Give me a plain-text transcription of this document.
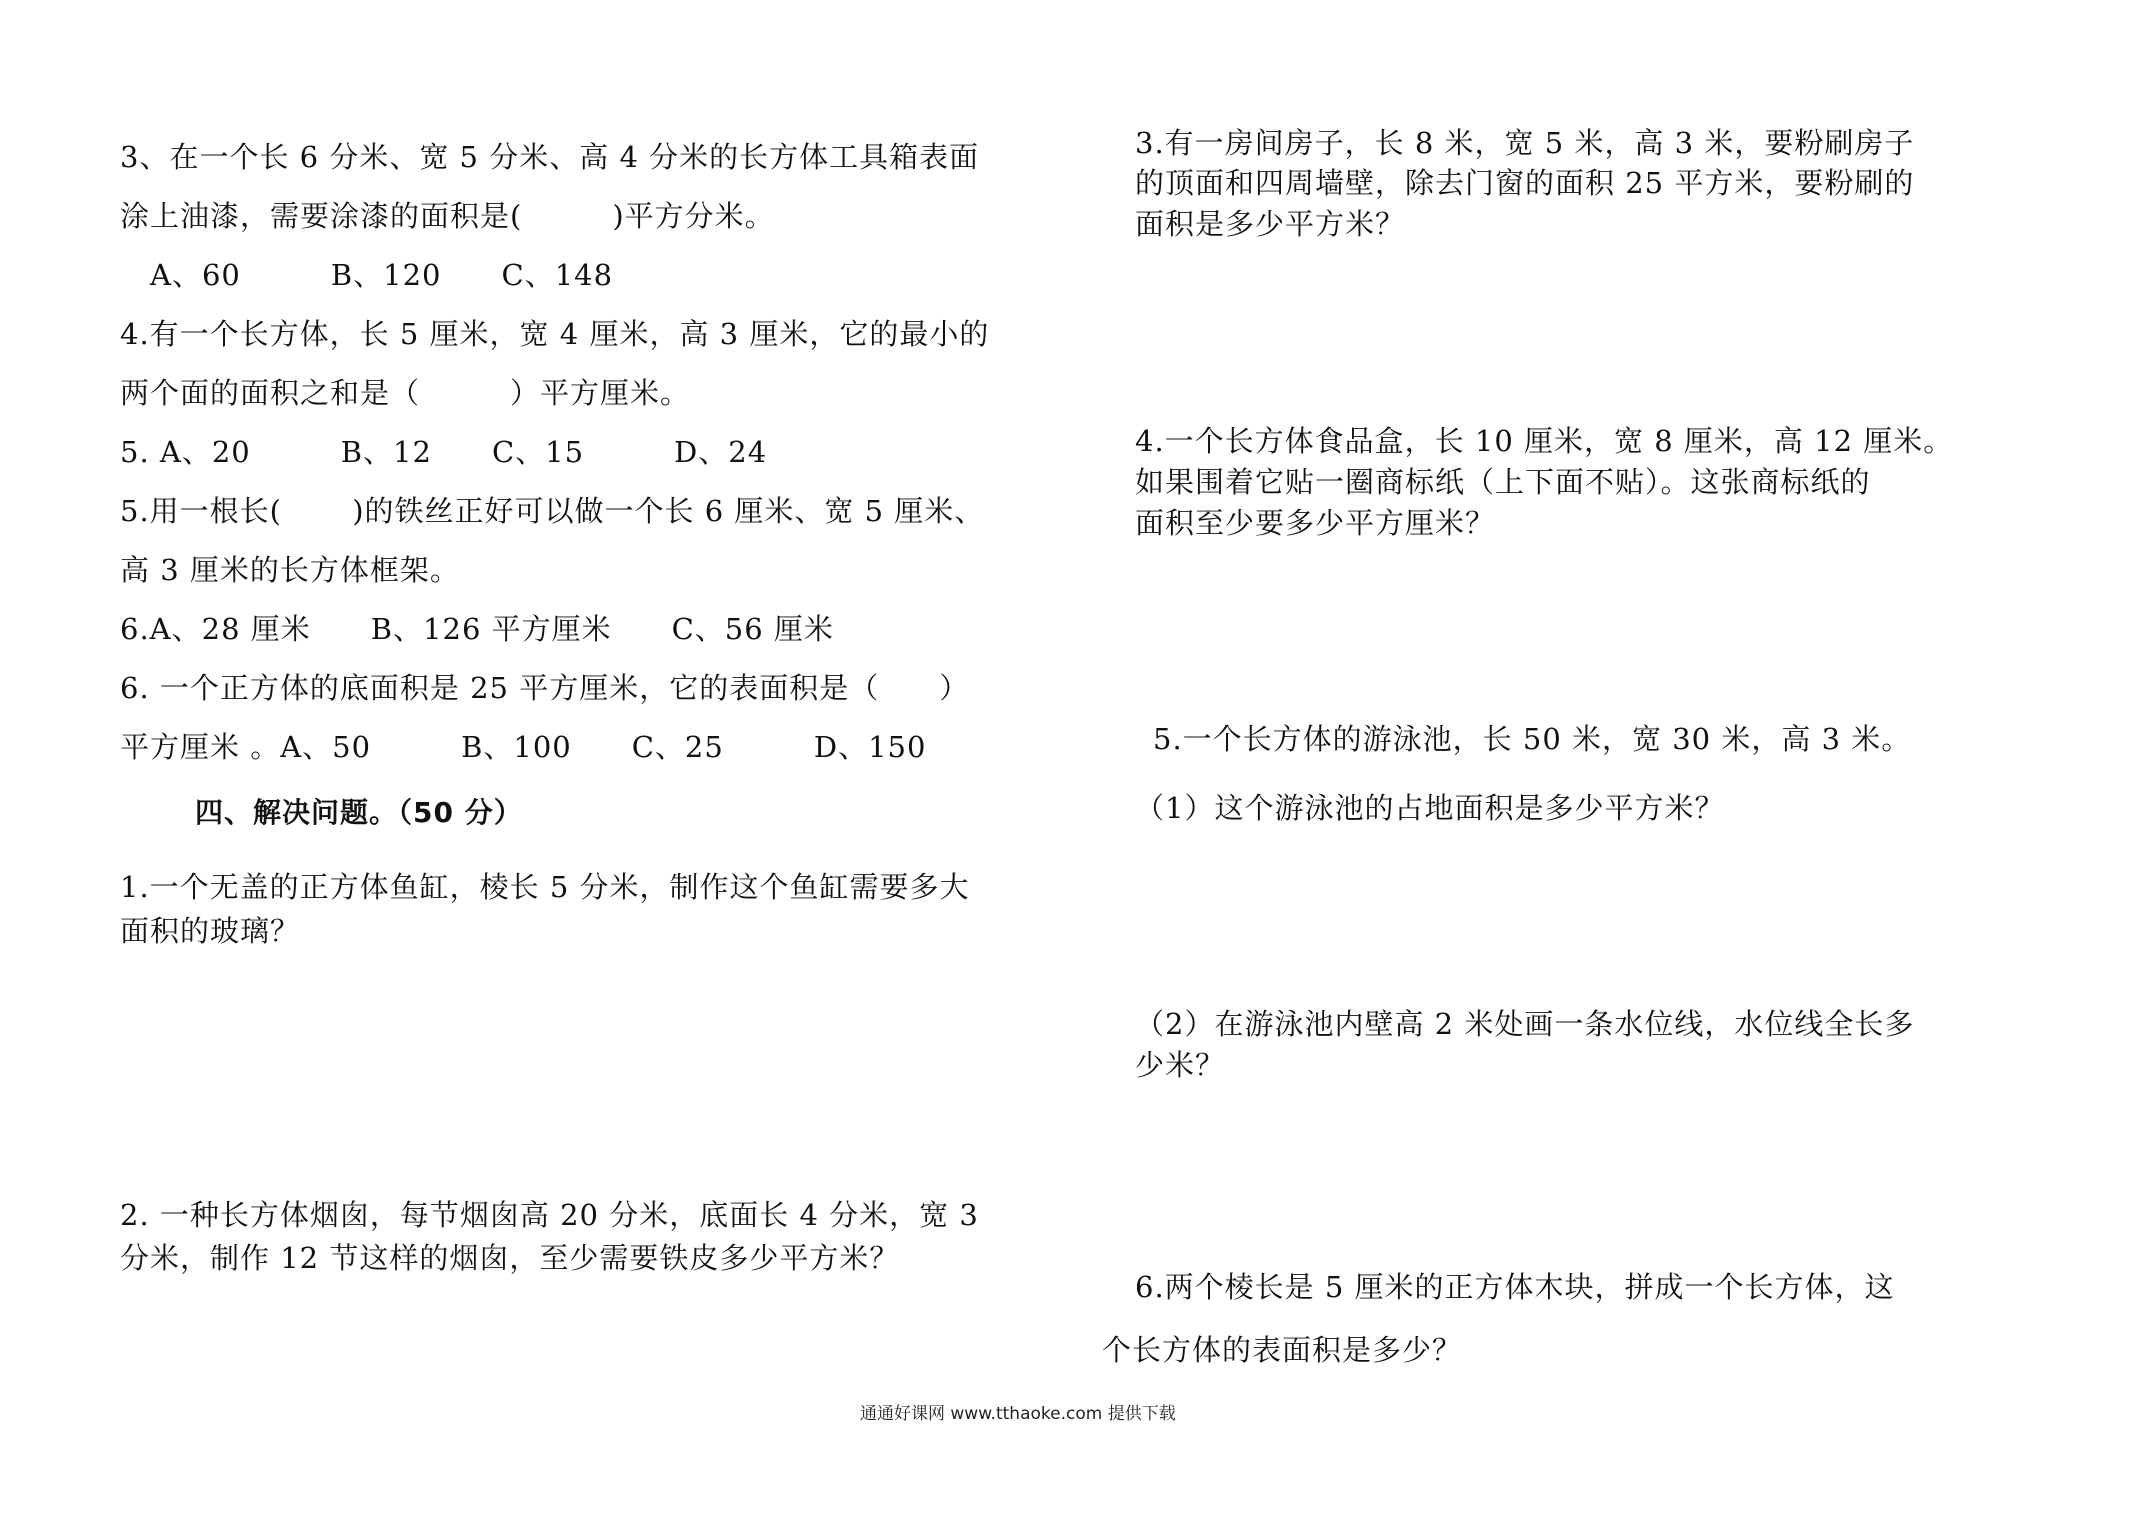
3、在一个长 6 分米、宽 5 分米、高 4 分米的长方体工具箱表面
涂上油漆，需要涂漆的面积是(　　　)平方分米。
A、60　　　B、120　　C、148
4.有一个长方体，长 5 厘米，宽 4 厘米，高 3 厘米，它的最小的
两个面的面积之和是（　　　）平方厘米。
5. A、20　　　B、12　　C、15　　　D、24
5.用一根长(　　 )的铁丝正好可以做一个长 6 厘米、宽 5 厘米、
高 3 厘米的长方体框架。
6.A、28 厘米　　B、126 平方厘米　　C、56 厘米
6. 一个正方体的底面积是 25 平方厘米，它的表面积是（　　）
平方厘米 。A、50　　　B、100　　C、25　　　D、150
四、解决问题。（50 分）
1.一个无盖的正方体鱼缸，棱长 5 分米，制作这个鱼缸需要多大
面积的玻璃？
2. 一种长方体烟囱，每节烟囱高 20 分米，底面长 4 分米，宽 3
分米，制作 12 节这样的烟囱，至少需要铁皮多少平方米？
3.有一房间房子，长 8 米，宽 5 米，高 3 米，要粉刷房子
的顶面和四周墙壁，除去门窗的面积 25 平方米，要粉刷的
面积是多少平方米？
4.一个长方体食品盒，长 10 厘米，宽 8 厘米，高 12 厘米。
如果围着它贴一圈商标纸（上下面不贴）。这张商标纸的
面积至少要多少平方厘米？
5.一个长方体的游泳池，长 50 米，宽 30 米，高 3 米。
（1）这个游泳池的占地面积是多少平方米？
（2）在游泳池内壁高 2 米处画一条水位线，水位线全长多
少米？
6.两个棱长是 5 厘米的正方体木块，拼成一个长方体，这
个长方体的表面积是多少？
通通好课网 www.tthaoke.com 提供下载
